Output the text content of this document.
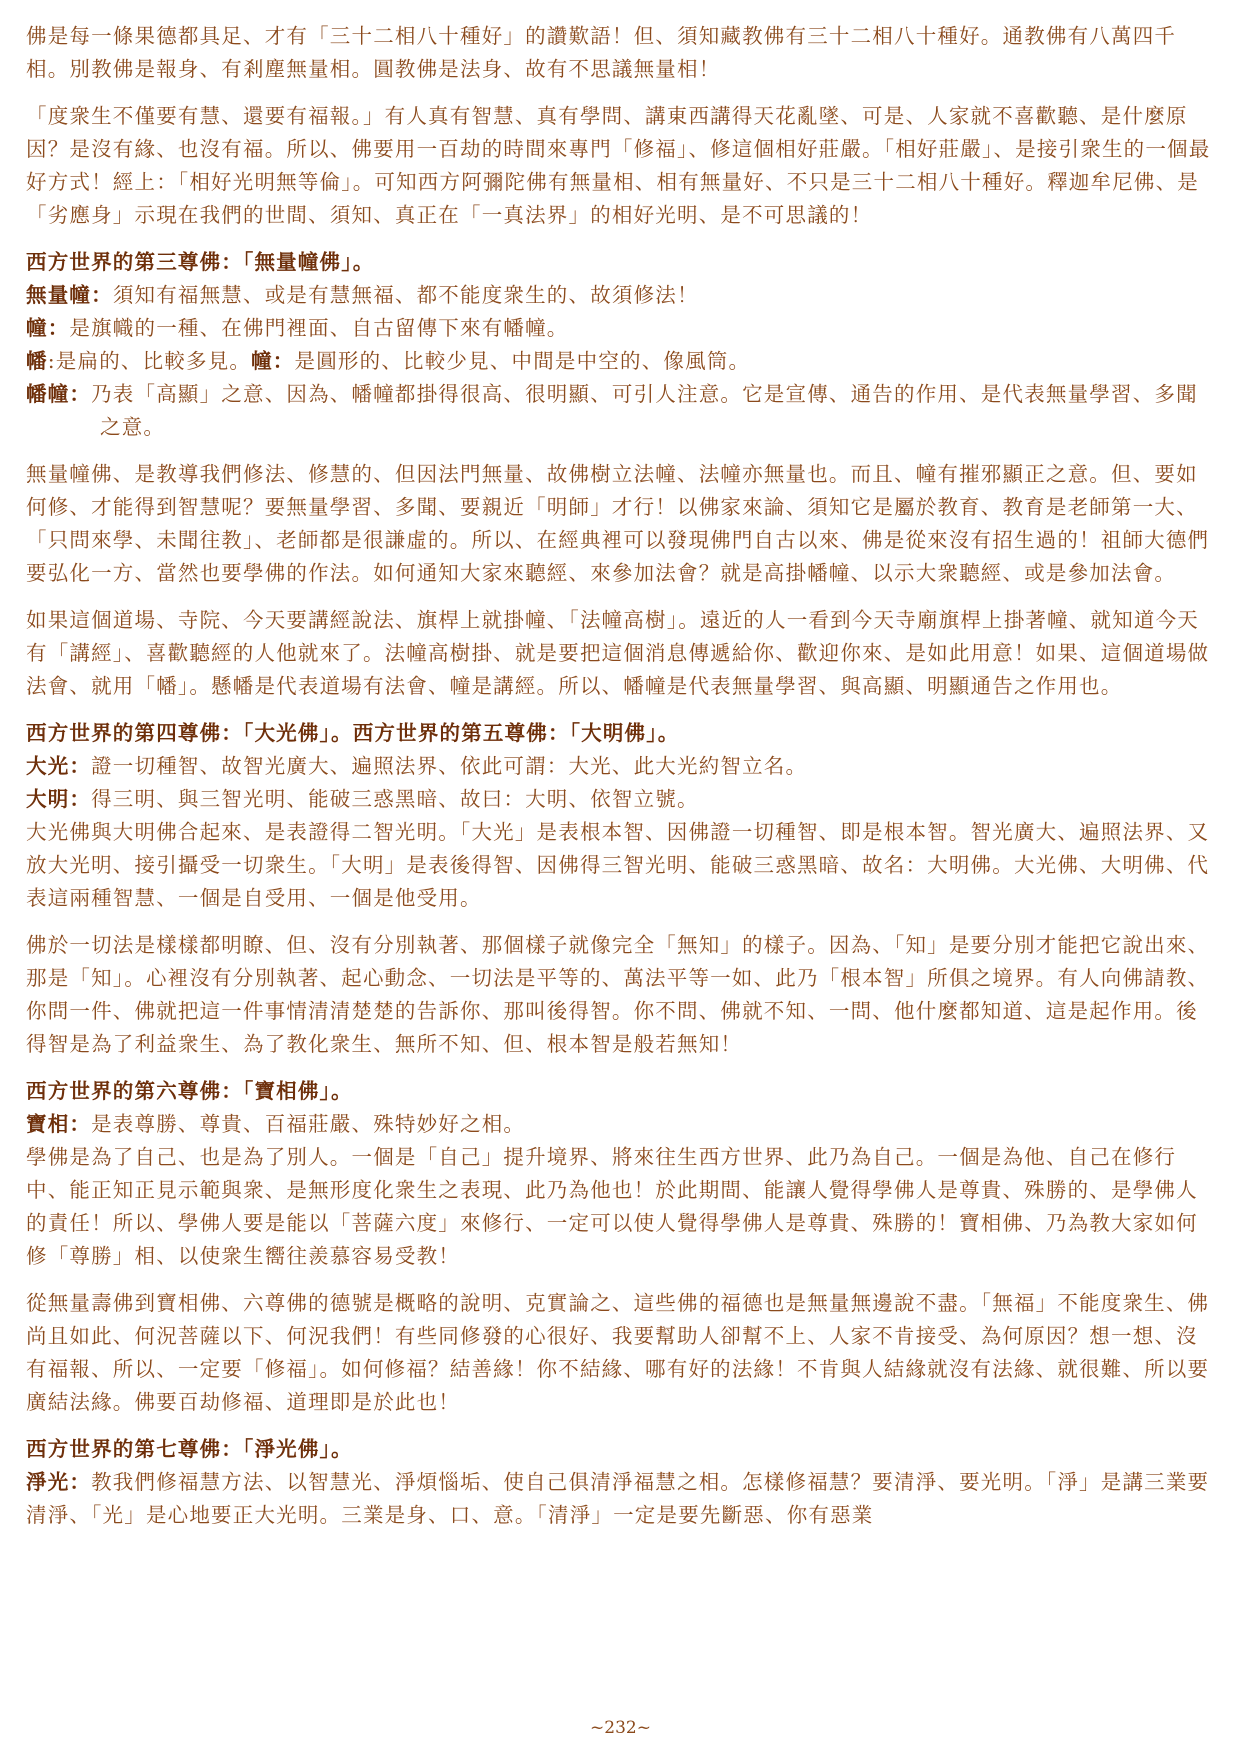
佛是每一條果德都具足、才有「三十二相八十種好」的讚歎語！但、須知藏教佛有三十二相八十種好。通教佛有八萬四千相。別教佛是報身、有剎塵無量相。圓教佛是法身、故有不思議無量相！

「度衆生不僅要有慧、還要有福報。」有人真有智慧、真有學問、講東西講得天花亂墜、可是、人家就不喜歡聽、是什麼原因？是沒有緣、也沒有福。所以、佛要用一百劫的時間來專門「修福」、修這個相好莊嚴。「相好莊嚴」、是接引衆生的一個最好方式！經上：「相好光明無等倫」。可知西方阿彌陀佛有無量相、相有無量好、不只是三十二相八十種好。釋迦牟尼佛、是「劣應身」示現在我們的世間、須知、真正在「一真法界」的相好光明、是不可思議的！

西方世界的第三尊佛：「無量幢佛」。

無量幢：須知有福無慧、或是有慧無福、都不能度衆生的、故須修法！

幢：是旗幟的一種、在佛門裡面、自古留傳下來有幡幢。

幡:是扁的、比較多見。幢：是圓形的、比較少見、中間是中空的、像風筒。

幡幢：乃表「高顯」之意、因為、幡幢都掛得很高、很明顯、可引人注意。它是宣傳、通告的作用、是代表無量學習、多聞之意。

無量幢佛、是教導我們修法、修慧的、但因法門無量、故佛樹立法幢、法幢亦無量也。而且、幢有摧邪顯正之意。但、要如何修、才能得到智慧呢？要無量學習、多聞、要親近「明師」才行！以佛家來論、須知它是屬於教育、教育是老師第一大、「只問來學、未聞往教」、老師都是很謙虛的。所以、在經典裡可以發現佛門自古以來、佛是從來沒有招生過的！祖師大德們要弘化一方、當然也要學佛的作法。如何通知大家來聽經、來參加法會？就是高掛幡幢、以示大衆聽經、或是參加法會。

如果這個道場、寺院、今天要講經說法、旗桿上就掛幢、「法幢高樹」。遠近的人一看到今天寺廟旗桿上掛著幢、就知道今天有「講經」、喜歡聽經的人他就來了。法幢高樹掛、就是要把這個消息傳遞給你、歡迎你來、是如此用意！如果、這個道場做法會、就用「幡」。懸幡是代表道場有法會、幢是講經。所以、幡幢是代表無量學習、與高顯、明顯通告之作用也。

西方世界的第四尊佛：「大光佛」。西方世界的第五尊佛：「大明佛」。

大光：證一切種智、故智光廣大、遍照法界、依此可謂：大光、此大光約智立名。

大明：得三明、與三智光明、能破三惑黑暗、故曰：大明、依智立號。

大光佛與大明佛合起來、是表證得二智光明。「大光」是表根本智、因佛證一切種智、即是根本智。智光廣大、遍照法界、又放大光明、接引攝受一切衆生。「大明」是表後得智、因佛得三智光明、能破三惑黑暗、故名：大明佛。大光佛、大明佛、代表這兩種智慧、一個是自受用、一個是他受用。

佛於一切法是樣樣都明瞭、但、沒有分別執著、那個樣子就像完全「無知」的樣子。因為、「知」是要分別才能把它說出來、那是「知」。心裡沒有分別執著、起心動念、一切法是平等的、萬法平等一如、此乃「根本智」所俱之境界。有人向佛請教、你問一件、佛就把這一件事情清清楚楚的告訴你、那叫後得智。你不問、佛就不知、一問、他什麼都知道、這是起作用。後得智是為了利益衆生、為了教化衆生、無所不知、但、根本智是般若無知！

西方世界的第六尊佛：「寶相佛」。

寶相：是表尊勝、尊貴、百福莊嚴、殊特妙好之相。

學佛是為了自己、也是為了別人。一個是「自己」提升境界、將來往生西方世界、此乃為自己。一個是為他、自己在修行中、能正知正見示範與衆、是無形度化衆生之表現、此乃為他也！於此期間、能讓人覺得學佛人是尊貴、殊勝的、是學佛人的責任！所以、學佛人要是能以「菩薩六度」來修行、一定可以使人覺得學佛人是尊貴、殊勝的！寶相佛、乃為教大家如何修「尊勝」相、以使衆生嚮往羨慕容易受教！

從無量壽佛到寶相佛、六尊佛的德號是概略的說明、克實論之、這些佛的福德也是無量無邊說不盡。「無福」不能度衆生、佛尚且如此、何況菩薩以下、何況我們！有些同修發的心很好、我要幫助人卻幫不上、人家不肯接受、為何原因？想一想、沒有福報、所以、一定要「修福」。如何修福？結善緣！你不結緣、哪有好的法緣！不肯與人結緣就沒有法緣、就很難、所以要廣結法緣。佛要百劫修福、道理即是於此也！

西方世界的第七尊佛：「淨光佛」。

淨光：教我們修福慧方法、以智慧光、淨煩惱垢、使自己俱清淨福慧之相。怎樣修福慧？要清淨、要光明。「淨」是講三業要清淨、「光」是心地要正大光明。三業是身、口、意。「清淨」一定是要先斷惡、你有惡業

~232~
